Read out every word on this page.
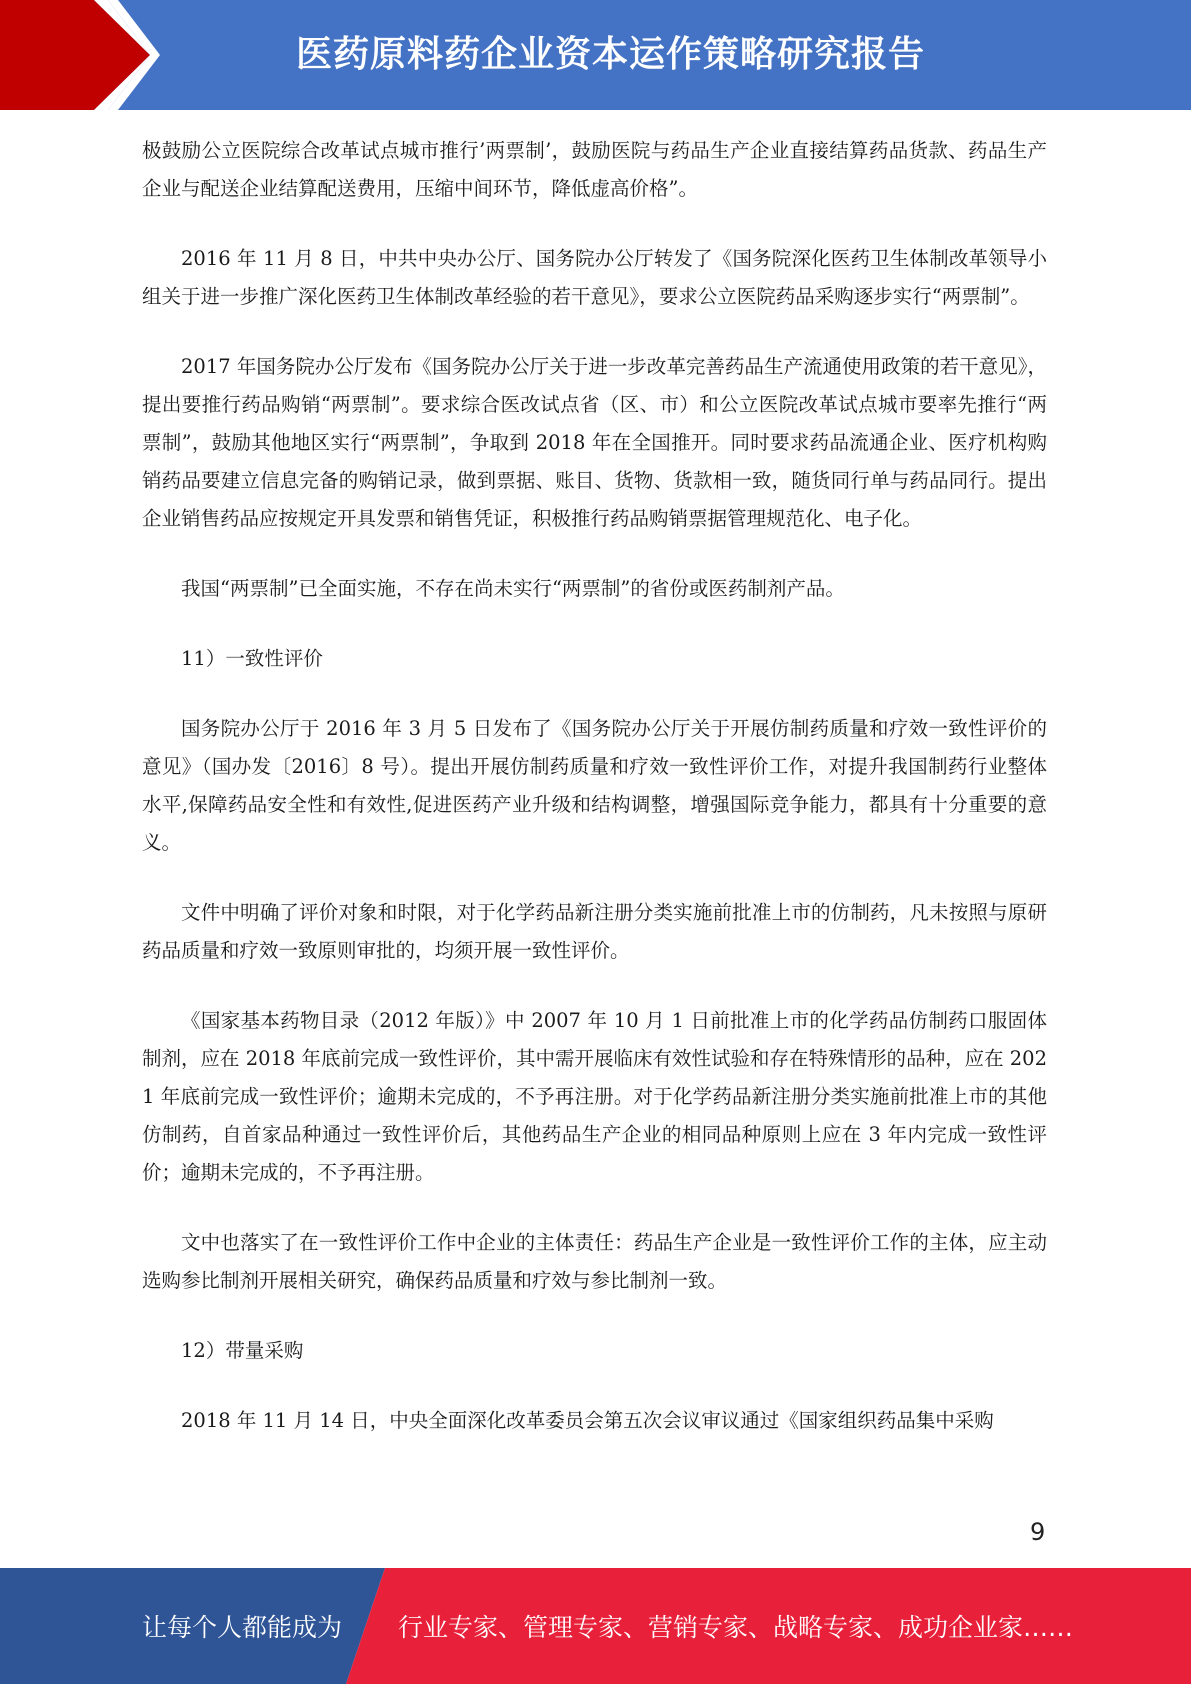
医药原料药企业资本运作策略研究报告

极鼓励公立医院综合改革试点城市推行’两票制’，鼓励医院与药品生产企业直接结算药品货款、药品生产企业与配送企业结算配送费用，压缩中间环节，降低虚高价格”。

2016 年 11 月 8 日，中共中央办公厅、国务院办公厅转发了《国务院深化医药卫生体制改革领导小组关于进一步推广深化医药卫生体制改革经验的若干意见》，要求公立医院药品采购逐步实行“两票制”。

2017 年国务院办公厅发布《国务院办公厅关于进一步改革完善药品生产流通使用政策的若干意见》，提出要推行药品购销“两票制”。要求综合医改试点省（区、市）和公立医院改革试点城市要率先推行“两票制”，鼓励其他地区实行“两票制”，争取到 2018 年在全国推开。同时要求药品流通企业、医疗机构购销药品要建立信息完备的购销记录，做到票据、账目、货物、货款相一致，随货同行单与药品同行。提出企业销售药品应按规定开具发票和销售凭证，积极推行药品购销票据管理规范化、电子化。

我国“两票制”已全面实施，不存在尚未实行“两票制”的省份或医药制剂产品。

11）一致性评价

国务院办公厅于 2016 年 3 月 5 日发布了《国务院办公厅关于开展仿制药质量和疗效一致性评价的意见》（国办发〔2016〕8 号）。提出开展仿制药质量和疗效一致性评价工作，对提升我国制药行业整体水平,保障药品安全性和有效性,促进医药产业升级和结构调整，增强国际竞争能力，都具有十分重要的意义。

文件中明确了评价对象和时限，对于化学药品新注册分类实施前批准上市的仿制药，凡未按照与原研药品质量和疗效一致原则审批的，均须开展一致性评价。

《国家基本药物目录（2012 年版）》中 2007 年 10 月 1 日前批准上市的化学药品仿制药口服固体制剂，应在 2018 年底前完成一致性评价，其中需开展临床有效性试验和存在特殊情形的品种，应在 2021 年底前完成一致性评价；逾期未完成的，不予再注册。对于化学药品新注册分类实施前批准上市的其他仿制药，自首家品种通过一致性评价后，其他药品生产企业的相同品种原则上应在 3 年内完成一致性评价；逾期未完成的，不予再注册。

文中也落实了在一致性评价工作中企业的主体责任：药品生产企业是一致性评价工作的主体，应主动选购参比制剂开展相关研究，确保药品质量和疗效与参比制剂一致。

12）带量采购

2018 年 11 月 14 日，中央全面深化改革委员会第五次会议审议通过《国家组织药品集中采购

9
让每个人都能成为 行业专家、管理专家、营销专家、战略专家、成功企业家……
